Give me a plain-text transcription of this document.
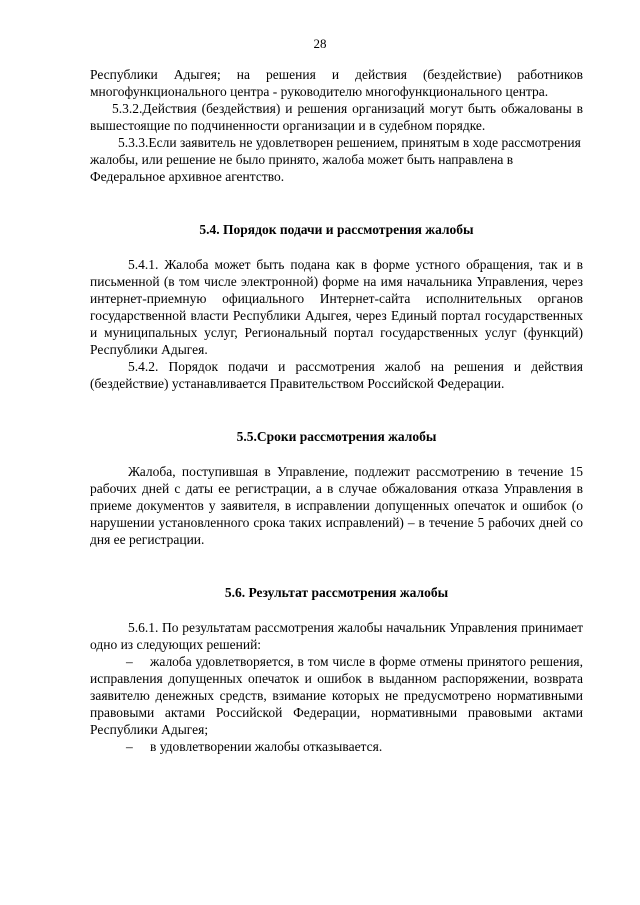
28

Республики Адыгея; на решения и действия (бездействие) работников многофункционального центра - руководителю многофункционального центра.

5.3.2.Действия (бездействия) и решения организаций могут быть обжалованы в вышестоящие по подчиненности организации и в судебном порядке.

5.3.3.Если заявитель не удовлетворен решением, принятым в ходе рассмотрения жалобы, или решение не было принято, жалоба может быть направлена в Федеральное архивное агентство.

5.4. Порядок подачи и рассмотрения жалобы

5.4.1. Жалоба может быть подана как в форме устного обращения, так и в письменной (в том числе электронной) форме на имя начальника Управления, через интернет-приемную официального Интернет-сайта исполнительных органов государственной власти Республики Адыгея, через Единый портал государственных и муниципальных услуг, Региональный портал государственных услуг (функций) Республики Адыгея.

5.4.2. Порядок подачи и рассмотрения жалоб на решения и действия (бездействие) устанавливается Правительством Российской Федерации.

5.5.Сроки рассмотрения жалобы

Жалоба, поступившая в Управление, подлежит рассмотрению в течение 15 рабочих дней с даты ее регистрации, а в случае обжалования отказа Управления в приеме документов у заявителя, в исправлении допущенных опечаток и ошибок (о нарушении установленного срока таких исправлений) – в течение 5 рабочих дней со дня ее регистрации.

5.6. Результат рассмотрения жалобы

5.6.1. По результатам рассмотрения жалобы начальник Управления принимает одно из следующих решений:

– жалоба удовлетворяется, в том числе в форме отмены принятого решения, исправления допущенных опечаток и ошибок в выданном распоряжении, возврата заявителю денежных средств, взимание которых не предусмотрено нормативными правовыми актами Российской Федерации, нормативными правовыми актами Республики Адыгея;

– в удовлетворении жалобы отказывается.
